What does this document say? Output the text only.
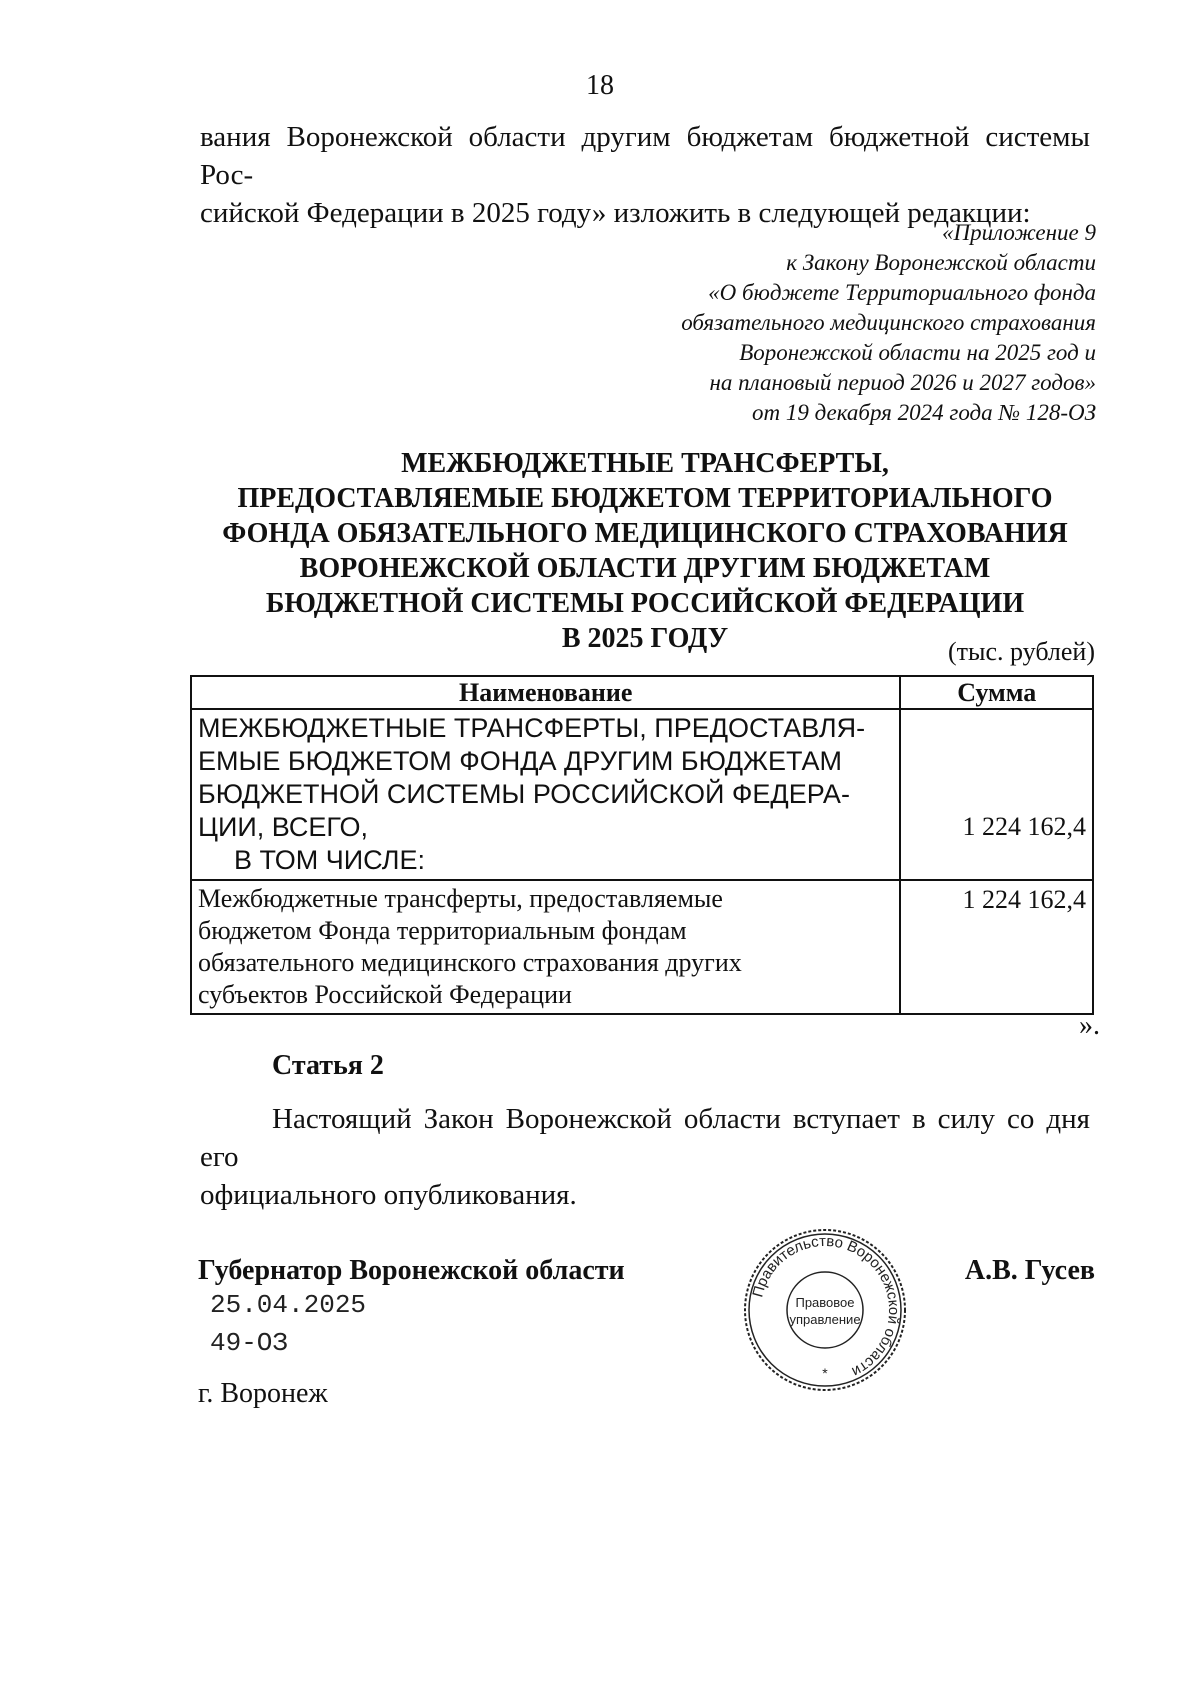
18
вания Воронежской области другим бюджетам бюджетной системы Рос-
сийской Федерации в 2025 году» изложить в следующей редакции:
«Приложение 9
к Закону Воронежской области
«О бюджете Территориального фонда
обязательного медицинского страхования
Воронежской области на 2025 год и
на плановый период 2026 и 2027 годов»
от 19 декабря 2024 года № 128-ОЗ
МЕЖБЮДЖЕТНЫЕ ТРАНСФЕРТЫ,
ПРЕДОСТАВЛЯЕМЫЕ БЮДЖЕТОМ ТЕРРИТОРИАЛЬНОГО
ФОНДА ОБЯЗАТЕЛЬНОГО МЕДИЦИНСКОГО СТРАХОВАНИЯ
ВОРОНЕЖСКОЙ ОБЛАСТИ ДРУГИМ БЮДЖЕТАМ
БЮДЖЕТНОЙ СИСТЕМЫ РОССИЙСКОЙ ФЕДЕРАЦИИ
В 2025 ГОДУ	(тыс. рублей)
Наименование	Сумма

МЕЖБЮДЖЕТНЫЕ ТРАНСФЕРТЫ, ПРЕДОСТАВЛЯ-
ЕМЫЕ БЮДЖЕТОМ ФОНДА ДРУГИМ БЮДЖЕТАМ
БЮДЖЕТНОЙ СИСТЕМЫ РОССИЙСКОЙ ФЕДЕРА-
ЦИИ, ВСЕГО,
В ТОМ ЧИСЛЕ:	1 224 162,4

Межбюджетные трансферты, предоставляемые
бюджетом Фонда территориальным фондам
обязательного медицинского страхования других
субъектов Российской Федерации	1 224 162,4
».
Статья 2
Настоящий Закон Воронежской области вступает в силу со дня его
официального опубликования.
Губернатор Воронежской области
25.04.2025
49-ОЗ
г. Воронеж
А.В. Гусев
Правительство Воронежской области
Правовое
управление
*
